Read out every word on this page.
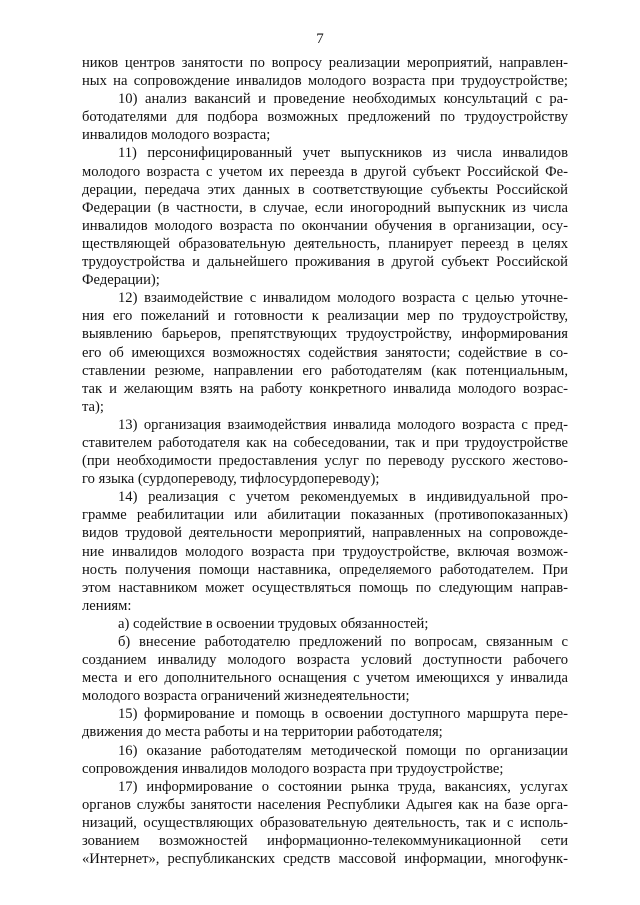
7
ников центров занятости по вопросу реализации мероприятий, направлен-
ных на сопровождение инвалидов молодого возраста при трудоустройстве;
10) анализ вакансий и проведение необходимых консультаций с ра-
ботодателями для подбора возможных предложений по трудоустройству
инвалидов молодого возраста;
11) персонифицированный учет выпускников из числа инвалидов
молодого возраста с учетом их переезда в другой субъект Российской Фе-
дерации, передача этих данных в соответствующие субъекты Российской
Федерации (в частности, в случае, если иногородний выпускник из числа
инвалидов молодого возраста по окончании обучения в организации, осу-
ществляющей образовательную деятельность, планирует переезд в целях
трудоустройства и дальнейшего проживания в другой субъект Российской
Федерации);
12) взаимодействие с инвалидом молодого возраста с целью уточне-
ния его пожеланий и готовности к реализации мер по трудоустройству,
выявлению барьеров, препятствующих трудоустройству, информирования
его об имеющихся возможностях содействия занятости; содействие в со-
ставлении резюме, направлении его работодателям (как потенциальным,
так и желающим взять на работу конкретного инвалида молодого возрас-
та);
13) организация взаимодействия инвалида молодого возраста с пред-
ставителем работодателя как на собеседовании, так и при трудоустройстве
(при необходимости предоставления услуг по переводу русского жестово-
го языка (сурдопереводу, тифлосурдопереводу);
14) реализация с учетом рекомендуемых в индивидуальной про-
грамме реабилитации или абилитации показанных (противопоказанных)
видов трудовой деятельности мероприятий, направленных на сопровожде-
ние инвалидов молодого возраста при трудоустройстве, включая возмож-
ность получения помощи наставника, определяемого работодателем. При
этом наставником может осуществляться помощь по следующим направ-
лениям:
а) содействие в освоении трудовых обязанностей;
б) внесение работодателю предложений по вопросам, связанным с
созданием инвалиду молодого возраста условий доступности рабочего
места и его дополнительного оснащения с учетом имеющихся у инвалида
молодого возраста ограничений жизнедеятельности;
15) формирование и помощь в освоении доступного маршрута пере-
движения до места работы и на территории работодателя;
16) оказание работодателям методической помощи по организации
сопровождения инвалидов молодого возраста при трудоустройстве;
17) информирование о состоянии рынка труда, вакансиях, услугах
органов службы занятости населения Республики Адыгея как на базе орга-
низаций, осуществляющих образовательную деятельность, так и с исполь-
зованием возможностей информационно-телекоммуникационной сети
«Интернет», республиканских средств массовой информации, многофунк-
